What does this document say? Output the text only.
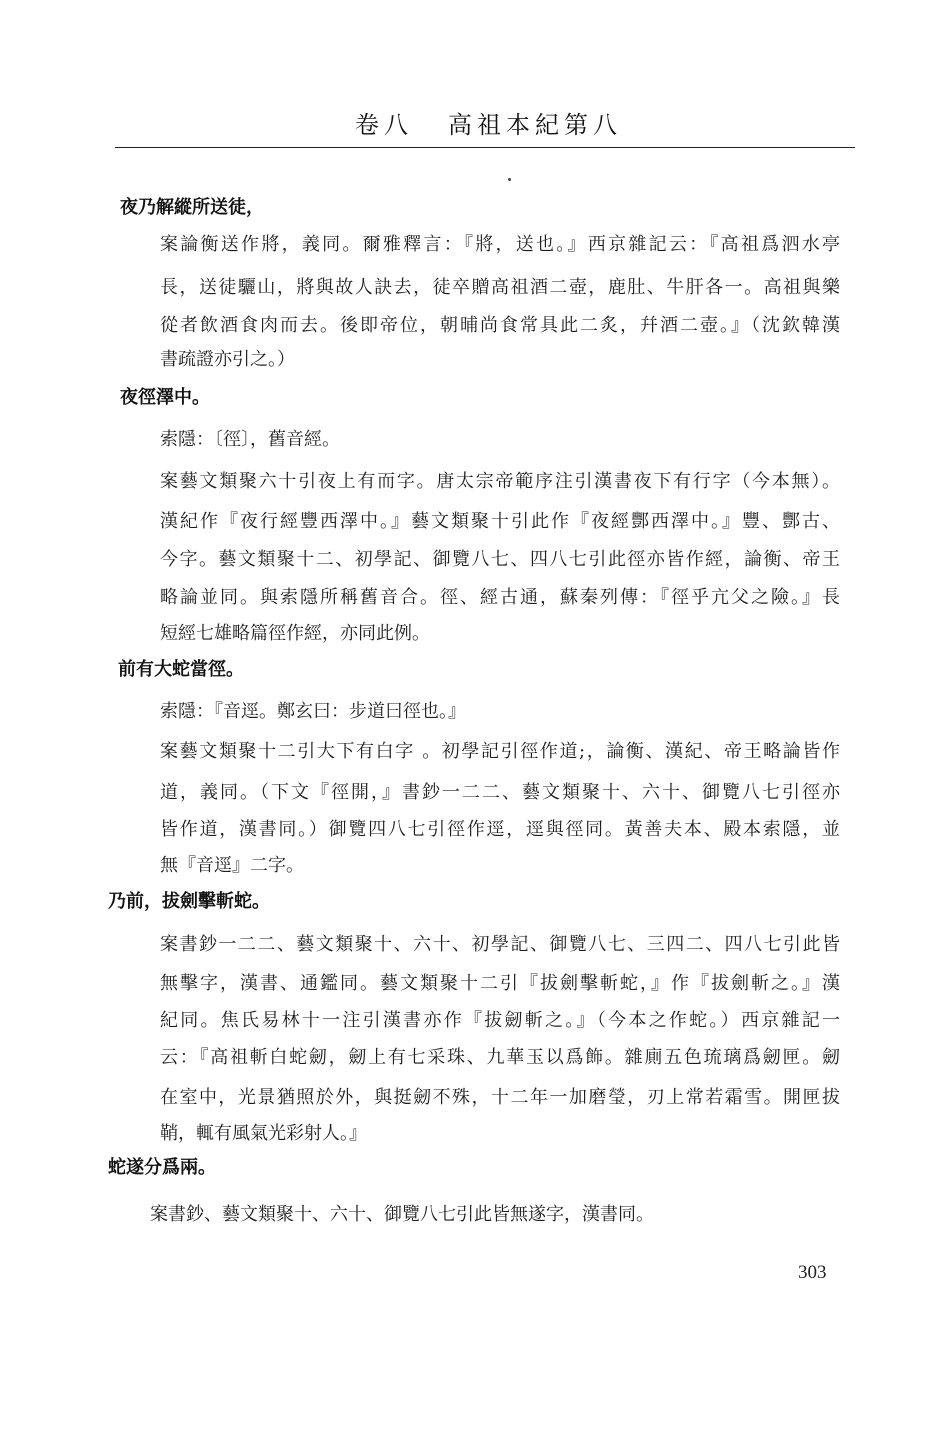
卷八 高祖本紀第八
夜乃解縱所送徒，
案論衡送作將，義同。爾雅釋言：『將，送也。』西京雜記云：『高祖爲泗水亭
長，送徒驪山，將與故人訣去，徒卒贈高祖酒二壺，鹿肚、牛肝各一。高祖與樂
從者飲酒食肉而去。後即帝位，朝晡尚食常具此二炙，幷酒二壺。』（沈欽韓漢
書疏證亦引之。）
夜徑澤中。
索隱：〔徑〕，舊音經。
案藝文類聚六十引夜上有而字。唐太宗帝範序注引漢書夜下有行字（今本無）。
漢紀作『夜行經豐西澤中。』藝文類聚十引此作『夜經酆西澤中。』豐、酆古、
今字。藝文類聚十二、初學記、御覽八七、四八七引此徑亦皆作經，論衡、帝王
略論並同。與索隱所稱舊音合。徑、經古通，蘇秦列傳：『徑乎亢父之險。』長
短經七雄略篇徑作經，亦同此例。
前有大蛇當徑。
索隱：『音逕。鄭玄曰：步道曰徑也。』
案藝文類聚十二引大下有白字 。初學記引徑作道;，論衡、漢紀、帝王略論皆作
道，義同。（下文『徑開，』書鈔一二二、藝文類聚十、六十、御覽八七引徑亦
皆作道，漢書同。）御覽四八七引徑作逕，逕與徑同。黃善夫本、殿本索隱，並
無『音逕』二字。
乃前，拔劍擊斬蛇。
案書鈔一二二、藝文類聚十、六十、初學記、御覽八七、三四二、四八七引此皆
無擊字，漢書、通鑑同。藝文類聚十二引『拔劍擊斬蛇，』作『拔劍斬之。』漢
紀同。焦氏易林十一注引漢書亦作『拔劒斬之。』（今本之作蛇。）西京雜記一
云：『高祖斬白蛇劒，劒上有七采珠、九華玉以爲飾。雜廁五色琉璃爲劒匣。劒
在室中，光景猶照於外，與挺劒不殊，十二年一加磨瑩，刃上常若霜雪。開匣拔
鞘，輒有風氣光彩射人。』
蛇遂分爲兩。
案書鈔、藝文類聚十、六十、御覽八七引此皆無遂字，漢書同。
303
